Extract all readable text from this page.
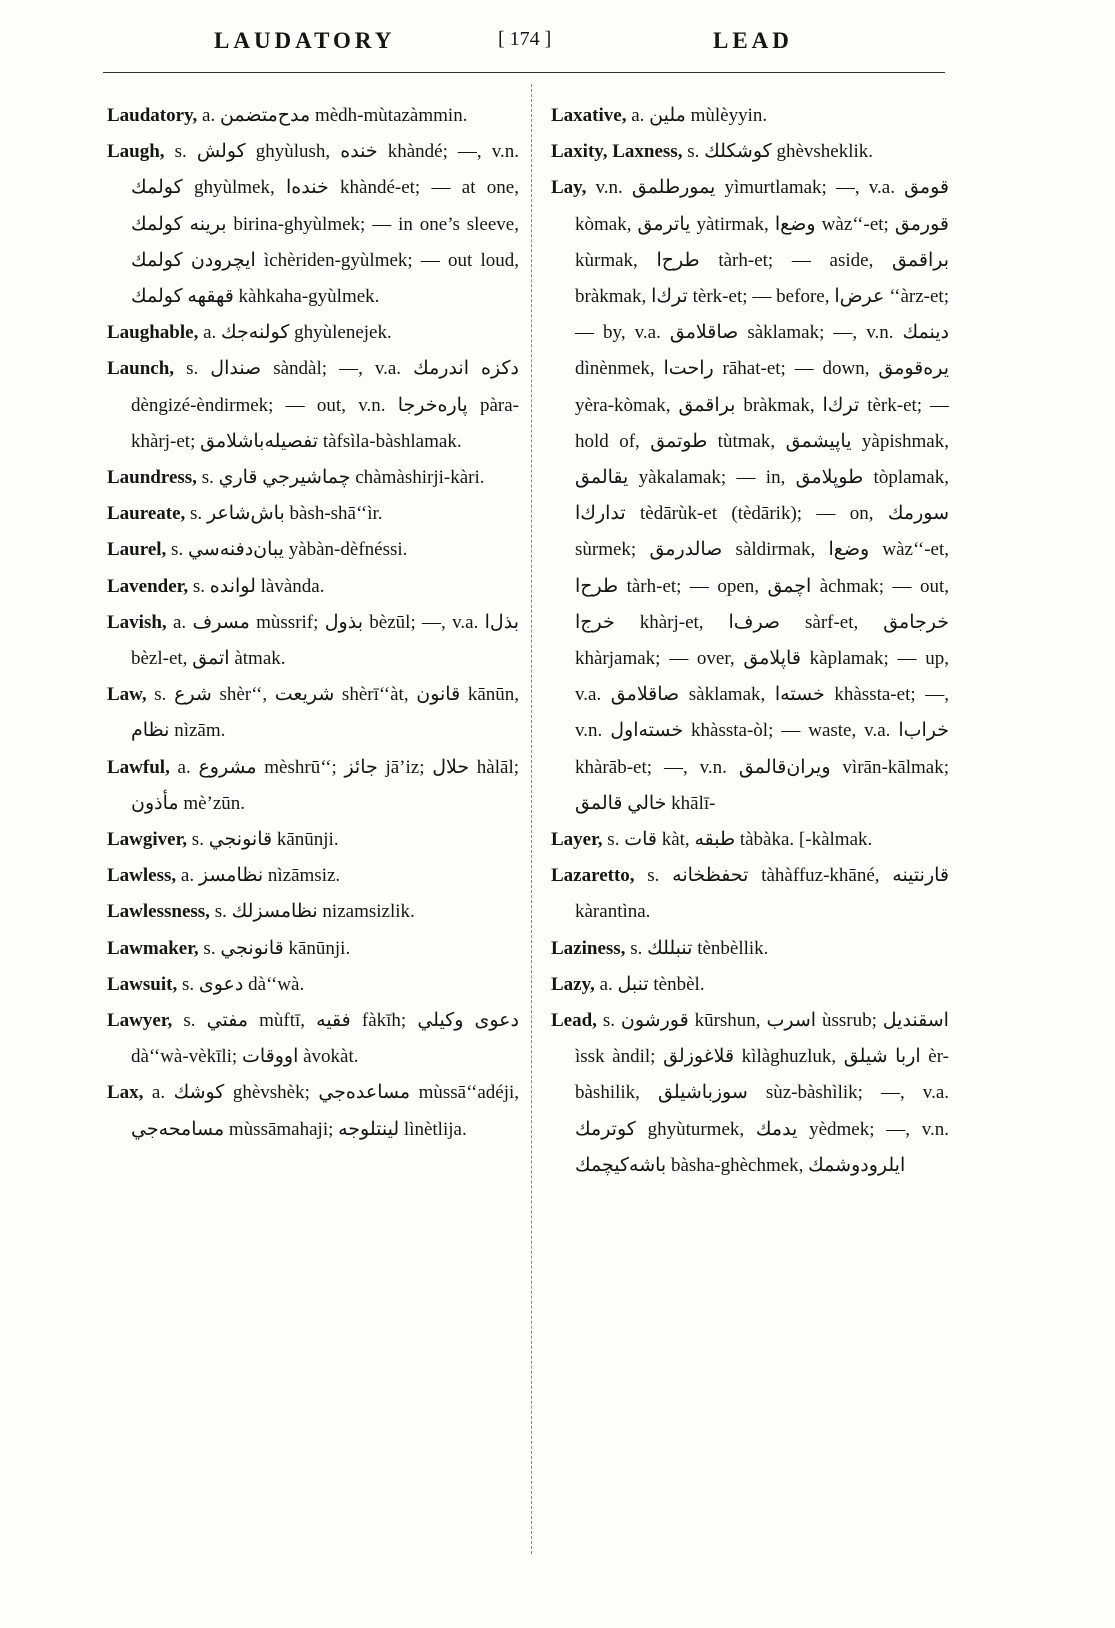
LAUDATORY	[ 174 ]	LEAD

Laudatory, a. مدح‌متضمن mèdh-mùtazàmmin.

Laugh, s. كولش ghyùlush, خنده khàndé; —, v.n. كولمك ghyùlmek, خنده‌ا khàndé-et; — at one, برينه كولمك birina-ghyùlmek; — in one’s sleeve, ايچرودن كولمك ìchèriden-gyùlmek; — out loud, قهقهه كولمك kàhkaha-gyùlmek.

Laughable, a. كولنه‌جك ghyùlenejek.

Launch, s. صندال sàndàl; —, v.a. دكزه اندرمك dèngizé-èndirmek; — out, v.n. پاره‌خرجا pàra-khàrj-et; تفصيله‌باشلامق tàfsìla-bàshlamak.

Laundress, s. چماشيرجي قاري chàmàshirji-kàri.

Laureate, s. باش‌شاعر bàsh-shā‘‘ìr.

Laurel, s. يبان‌دفنه‌سي yàbàn-dèfnéssi.

Lavender, s. لوانده làvànda.

Lavish, a. مسرف mùssrif; بذول bèzūl; —, v.a. بذل‌ا bèzl-et, اتمق àtmak.

Law, s. شرع shèr‘‘, شريعت shèrī‘‘àt, قانون kānūn, نظام nìzām.

Lawful, a. مشروع mèshrū‘‘; جائز jā’iz; حلال hàlāl; مأذون mè’zūn.

Lawgiver, s. قانونجي kānūnji.

Lawless, a. نظامسز nìzāmsiz.

Lawlessness, s. نظامسزلك nizamsizlik.

Lawmaker, s. قانونجي kānūnji.

Lawsuit, s. دعوى dà‘‘wà.

Lawyer, s. مفتي mùftī, فقيه fàkīh; دعوى وكيلي dà‘‘wà-vèkīli; اووقات àvokàt.

Lax, a. كوشك ghèvshèk; مساعده‌جي mùssā‘‘adéji, مسامحه‌جي mùssāmahaji; لينتلوجه lìnètlija.

Laxative, a. ملين mùlèyyin.

Laxity, Laxness, s. كوشكلك ghèvsheklik.

Lay, v.n. يمورطلمق yìmurtlamak; —, v.a. قومق kòmak, ياترمق yàtirmak, وضع‌ا wàz‘‘-et; قورمق kùrmak, طرح‌ا tàrh-et; — aside, براقمق bràkmak, ترك‌ا tèrk-et; — before, عرض‌ا ‘‘àrz-et; — by, v.a. صاقلامق sàklamak; —, v.n. دينمك dìnènmek, راحت‌ا rāhat-et; — down, يره‌قومق yèra-kòmak, براقمق bràkmak, ترك‌ا tèrk-et; — hold of, طوتمق tùtmak, ياپيشمق yàpishmak, يقالمق yàkalamak; — in, طوپلامق tòplamak, تدارك‌ا tèdārùk-et (tèdārik); — on, سورمك sùrmek; صالدرمق sàldirmak, وضع‌ا wàz‘‘-et, طرح‌ا tàrh-et; — open, اچمق àchmak; — out, خرج‌ا khàrj-et, صرف‌ا sàrf-et, خرجامق khàrjamak; — over, قاپلامق kàplamak; — up, v.a. صاقلامق sàklamak, خسته‌ا khàssta-et; —, v.n. خسته‌اول khàssta-òl; — waste, v.a. خراب‌ا khàrāb-et; —, v.n. ويران‌قالمق vìrān-kālmak; خالي قالمق khālī-

Layer, s. قات kàt, طبقه tàbàka. [-kàlmak.

Lazaretto, s. تحفظخانه tàhàffuz-khāné, قارنتينه kàrantìna.

Laziness, s. تنبللك tènbèllik.

Lazy, a. تنبل tènbèl.

Lead, s. قورشون kūrshun, اسرب ùssrub; اسقنديل ìssk àndil; قلاغوزلق kìlàghuzluk, اربا شيلق èr-bàshilik, سوزباشيلق sùz-bàshìlik; —, v.a. كوترمك ghyùturmek, يدمك yèdmek; —, v.n. باشه‌كيچمك bàsha-ghèchmek, ايلرودوشمك
